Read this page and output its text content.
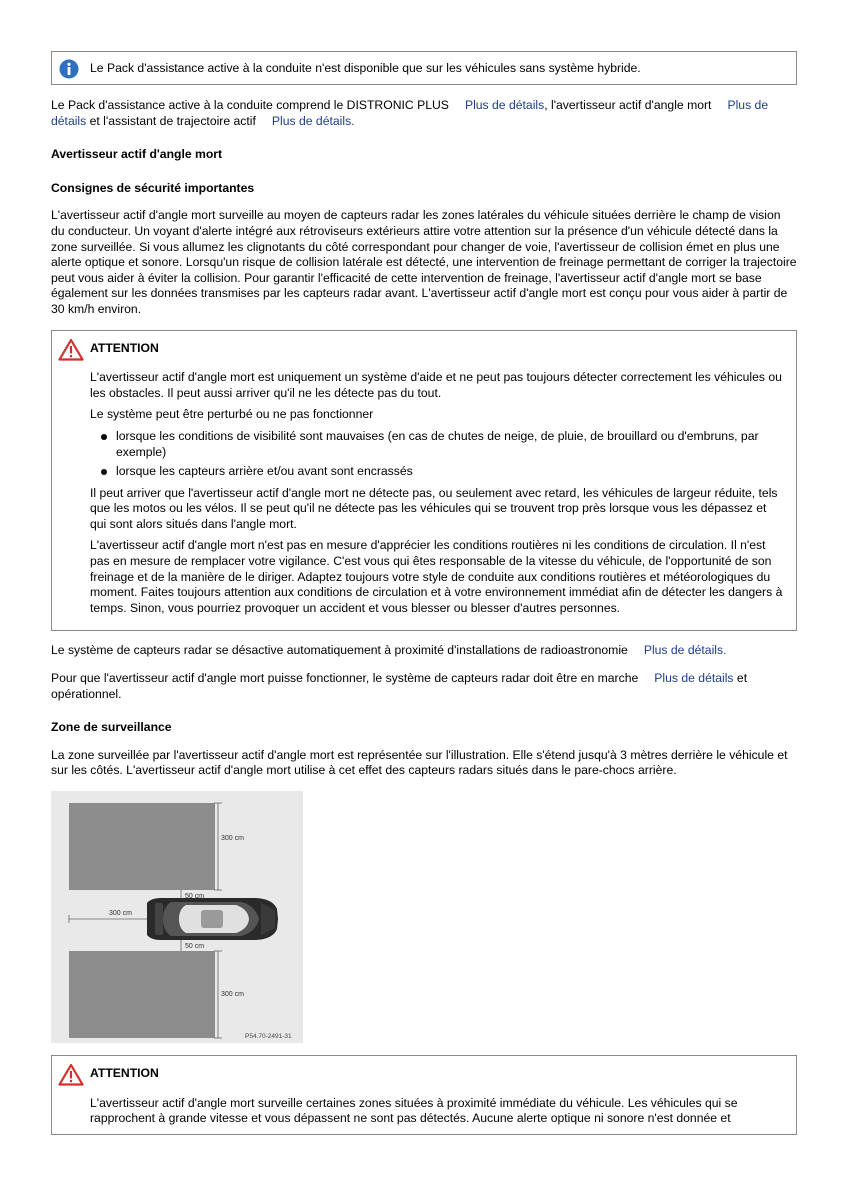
Le Pack d'assistance active à la conduite n'est disponible que sur les véhicules sans système hybride.

Le Pack d'assistance active à la conduite comprend le DISTRONIC PLUS Plus de détails, l'avertisseur actif d'angle mort Plus de
détails et l'assistant de trajectoire actif Plus de détails.

Avertisseur actif d'angle mort

Consignes de sécurité importantes

L'avertisseur actif d'angle mort surveille au moyen de capteurs radar les zones latérales du véhicule situées derrière le champ de vision du conducteur. Un voyant d'alerte intégré aux rétroviseurs extérieurs attire votre attention sur la présence d'un véhicule détecté dans la zone surveillée. Si vous allumez les clignotants du côté correspondant pour changer de voie, l'avertisseur de collision émet en plus une alerte optique et sonore. Lorsqu'un risque de collision latérale est détecté, une intervention de freinage permettant de corriger la trajectoire peut vous aider à éviter la collision. Pour garantir l'efficacité de cette intervention de freinage, l'avertisseur actif d'angle mort se base également sur les données transmises par les capteurs radar avant. L'avertisseur actif d'angle mort est conçu pour vous aider à partir de 30 km/h environ.

ATTENTION

L'avertisseur actif d'angle mort est uniquement un système d'aide et ne peut pas toujours détecter correctement les véhicules ou les obstacles. Il peut aussi arriver qu'il ne les détecte pas du tout.

Le système peut être perturbé ou ne pas fonctionner

lorsque les conditions de visibilité sont mauvaises (en cas de chutes de neige, de pluie, de brouillard ou d'embruns, par exemple)
lorsque les capteurs arrière et/ou avant sont encrassés

Il peut arriver que l'avertisseur actif d'angle mort ne détecte pas, ou seulement avec retard, les véhicules de largeur réduite, tels que les motos ou les vélos. Il se peut qu'il ne détecte pas les véhicules qui se trouvent trop près lorsque vous les dépassez et qui sont alors situés dans l'angle mort.

L'avertisseur actif d'angle mort n'est pas en mesure d'apprécier les conditions routières ni les conditions de circulation. Il n'est pas en mesure de remplacer votre vigilance. C'est vous qui êtes responsable de la vitesse du véhicule, de l'opportunité de son freinage et de la manière de le diriger. Adaptez toujours votre style de conduite aux conditions routières et météorologiques du moment. Faites toujours attention aux conditions de circulation et à votre environnement immédiat afin de détecter les dangers à temps. Sinon, vous pourriez provoquer un accident et vous blesser ou blesser d'autres personnes.

Le système de capteurs radar se désactive automatiquement à proximité d'installations de radioastronomie Plus de détails.

Pour que l'avertisseur actif d'angle mort puisse fonctionner, le système de capteurs radar doit être en marche Plus de détails et opérationnel.

Zone de surveillance

La zone surveillée par l'avertisseur actif d'angle mort est représentée sur l'illustration. Elle s'étend jusqu'à 3 mètres derrière le véhicule et sur les côtés. L'avertisseur actif d'angle mort utilise à cet effet des capteurs radars situés dans le pare-chocs arrière.

300 cm
300 cm
50 cm
50 cm
300 cm
P54.70-2491-31
ATTENTION

L'avertisseur actif d'angle mort surveille certaines zones situées à proximité immédiate du véhicule. Les véhicules qui se rapprochent à grande vitesse et vous dépassent ne sont pas détectés. Aucune alerte optique ni sonore n'est donnée et
